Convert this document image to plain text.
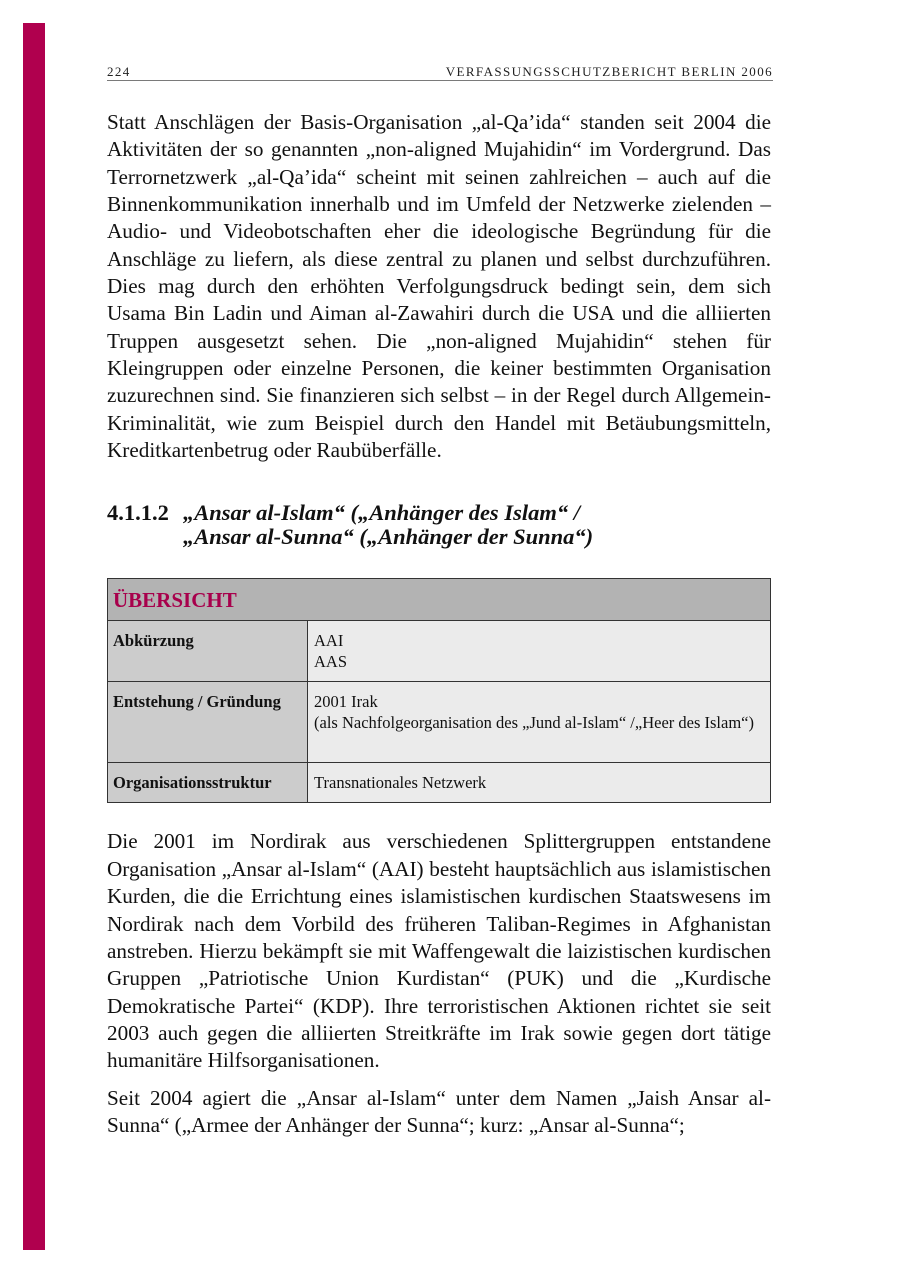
224	VERFASSUNGSSCHUTZBERICHT BERLIN 2006

Statt Anschlägen der Basis-Organisation „al-Qa’ida“ standen seit 2004 die Aktivitäten der so genannten „non-aligned Mujahidin“ im Vordergrund. Das Terrornetzwerk „al-Qa’ida“ scheint mit seinen zahlreichen – auch auf die Binnenkommunikation innerhalb und im Umfeld der Netzwerke zielenden – Audio- und Videobotschaften eher die ideologische Begründung für die Anschläge zu liefern, als diese zentral zu planen und selbst durchzuführen. Dies mag durch den erhöhten Verfolgungsdruck bedingt sein, dem sich Usama Bin Ladin und Aiman al-Zawahiri durch die USA und die alliierten Truppen ausgesetzt sehen. Die „non-aligned Mujahidin“ stehen für Kleingruppen oder einzelne Personen, die keiner bestimmten Organisation zuzurechnen sind. Sie finanzieren sich selbst – in der Regel durch Allgemein-Kriminalität, wie zum Beispiel durch den Handel mit Betäubungsmitteln, Kreditkartenbetrug oder Raubüberfälle.

4.1.1.2 „Ansar al-Islam“ („Anhänger des Islam“ /
„Ansar al-Sunna“ („Anhänger der Sunna“)
ÜBERSICHT	
Abkürzung	AAI
AAS

Entstehung / Gründung	2001 Irak
(als Nachfolgeorganisation des „Jund al-Islam“ /„Heer des Islam“)

Organisationsstruktur	Transnationales Netzwerk

Die 2001 im Nordirak aus verschiedenen Splittergruppen entstandene Organisation „Ansar al-Islam“ (AAI) besteht hauptsächlich aus islamistischen Kurden, die die Errichtung eines islamistischen kurdischen Staatswesens im Nordirak nach dem Vorbild des früheren Taliban-Regimes in Afghanistan anstreben. Hierzu bekämpft sie mit Waffengewalt die laizistischen kurdischen Gruppen „Patriotische Union Kurdistan“ (PUK) und die „Kurdische Demokratische Partei“ (KDP). Ihre terroristischen Aktionen richtet sie seit 2003 auch gegen die alliierten Streitkräfte im Irak sowie gegen dort tätige humanitäre Hilfsorganisationen.

Seit 2004 agiert die „Ansar al-Islam“ unter dem Namen „Jaish Ansar al-Sunna“ („Armee der Anhänger der Sunna“; kurz: „Ansar al-Sunna“;
